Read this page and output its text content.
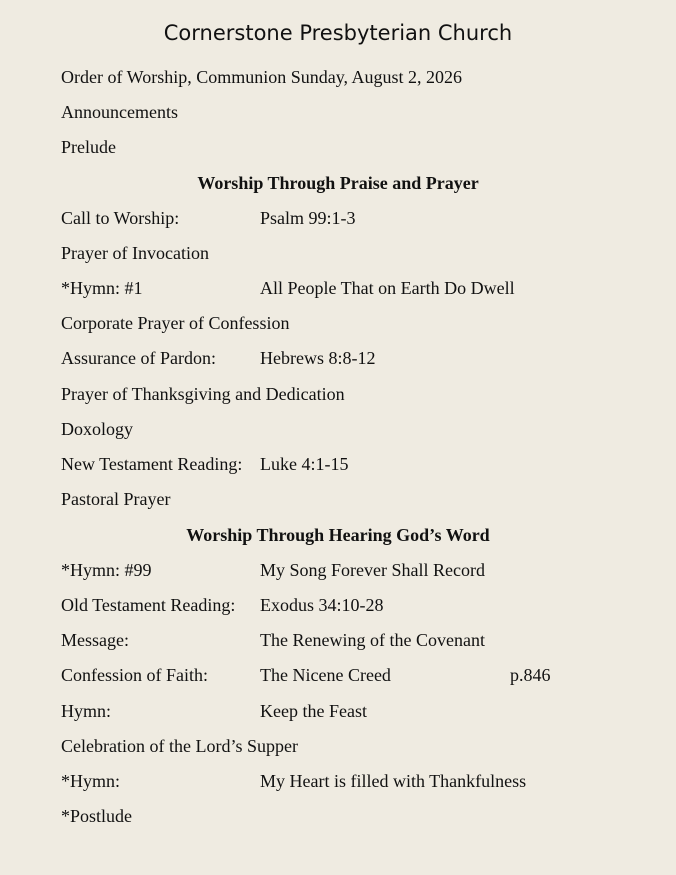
Cornerstone Presbyterian Church
Order of Worship, Communion Sunday, August 2, 2026
Announcements
Prelude
Worship Through Praise and Prayer
Call to Worship:	Psalm 99:1-3
Prayer of Invocation
*Hymn: #1	All People That on Earth Do Dwell
Corporate Prayer of Confession
Assurance of Pardon: Hebrews 8:8-12
Prayer of Thanksgiving and Dedication
Doxology
New Testament Reading: Luke 4:1-15
Pastoral Prayer
Worship Through Hearing God’s Word
*Hymn: #99	My Song Forever Shall Record
Old Testament Reading: Exodus 34:10-28
Message:	The Renewing of the Covenant
Confession of Faith:	The Nicene Creed	p.846
Hymn:	Keep the Feast
Celebration of the Lord’s Supper
*Hymn:	My Heart is filled with Thankfulness
*Postlude
